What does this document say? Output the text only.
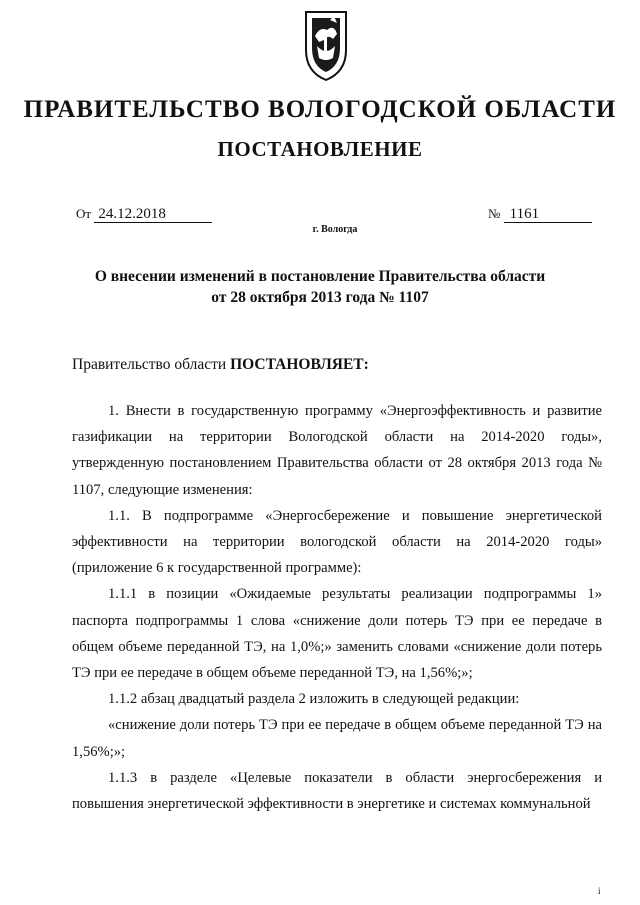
ПРАВИТЕЛЬСТВО ВОЛОГОДСКОЙ ОБЛАСТИ
ПОСТАНОВЛЕНИЕ
От 24.12.2018	№ 1161
г. Вологда
О внесении изменений в постановление Правительства области
от 28 октября 2013 года № 1107
Правительство области ПОСТАНОВЛЯЕТ:

1. Внести в государственную программу «Энергоэффективность и развитие газификации на территории Вологодской области на 2014-2020 годы», утвержденную постановлением Правительства области от 28 октября 2013 года № 1107, следующие изменения:

1.1. В подпрограмме «Энергосбережение и повышение энергетической эффективности на территории вологодской области на 2014-2020 годы» (приложение 6 к государственной программе):

1.1.1 в позиции «Ожидаемые результаты реализации подпрограммы 1» паспорта подпрограммы 1 слова «снижение доли потерь ТЭ при ее передаче в общем объеме переданной ТЭ, на 1,0%;» заменить словами «снижение доли потерь ТЭ при ее передаче в общем объеме переданной ТЭ, на 1,56%;»;

1.1.2 абзац двадцатый раздела 2 изложить в следующей редакции:

«снижение доли потерь ТЭ при ее передаче в общем объеме переданной ТЭ на 1,56%;»;

1.1.3 в разделе «Целевые показатели в области энергосбережения и повышения энергетической эффективности в энергетике и системах коммунальной

і
